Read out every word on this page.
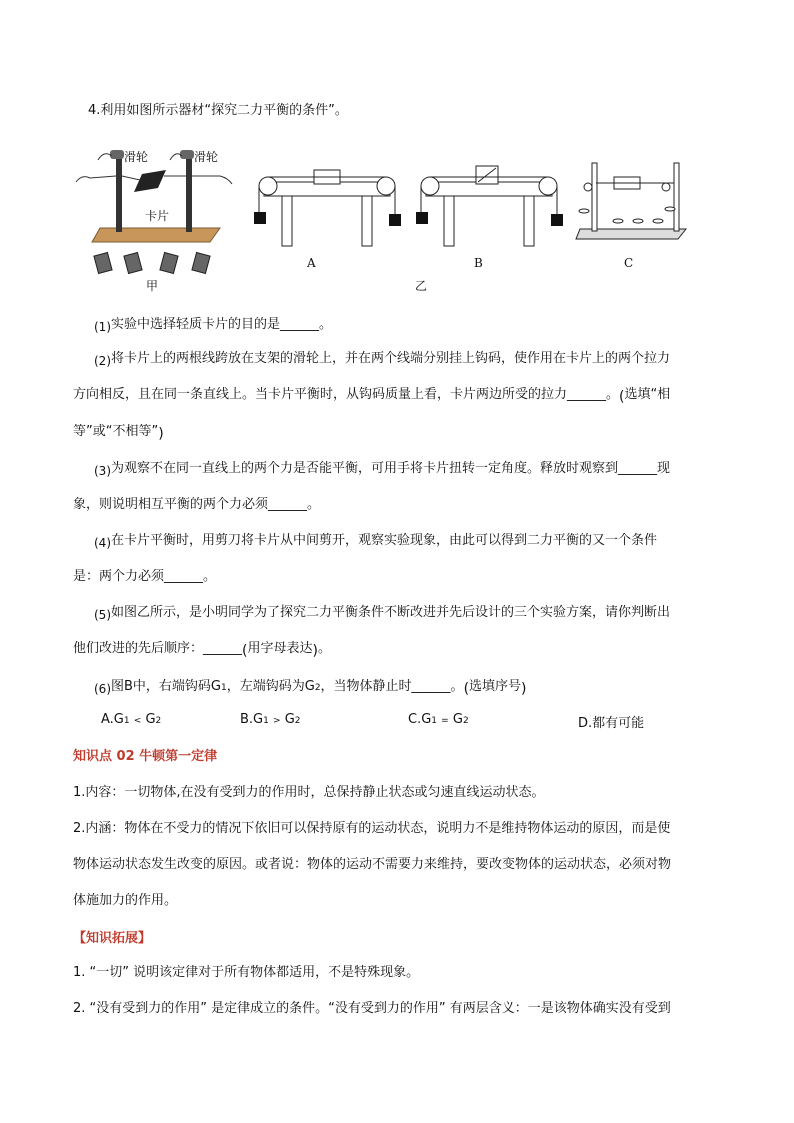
4.利用如图所示器材“探究二力平衡的条件”。
滑轮	滑轮
卡片
甲
A	B	C
乙
(1)实验中选择轻质卡片的目的是______。
(2)将卡片上的两根线跨放在支架的滑轮上，并在两个线端分别挂上钩码，使作用在卡片上的两个拉力
方向相反，且在同一条直线上。当卡片平衡时，从钩码质量上看，卡片两边所受的拉力______。(选填“相
等”或“不相等”)
(3)为观察不在同一直线上的两个力是否能平衡，可用手将卡片扭转一定角度。释放时观察到______现
象，则说明相互平衡的两个力必须______。
(4)在卡片平衡时，用剪刀将卡片从中间剪开，观察实验现象，由此可以得到二力平衡的又一个条件
是：两个力必须______。
(5)如图乙所示，是小明同学为了探究二力平衡条件不断改进并先后设计的三个实验方案，请你判断出
他们改进的先后顺序：______(用字母表达)。
(6)图B中，右端钩码G1，左端钩码为G2，当物体静止时______。(选填序号)
A.G1 < G2	B.G1 > G2	C.G1 = G2	D.都有可能
知识点 02 牛顿第一定律
1.内容：一切物体,在没有受到力的作用时，总保持静止状态或匀速直线运动状态。
2.内涵：物体在不受力的情况下依旧可以保持原有的运动状态，说明力不是维持物体运动的原因，而是使
物体运动状态发生改变的原因。或者说：物体的运动不需要力来维持，要改变物体的运动状态，必须对物
体施加力的作用。
【知识拓展】
1. “一切” 说明该定律对于所有物体都适用，不是特殊现象。
2. “没有受到力的作用” 是定律成立的条件。“没有受到力的作用” 有两层含义：一是该物体确实没有受到
